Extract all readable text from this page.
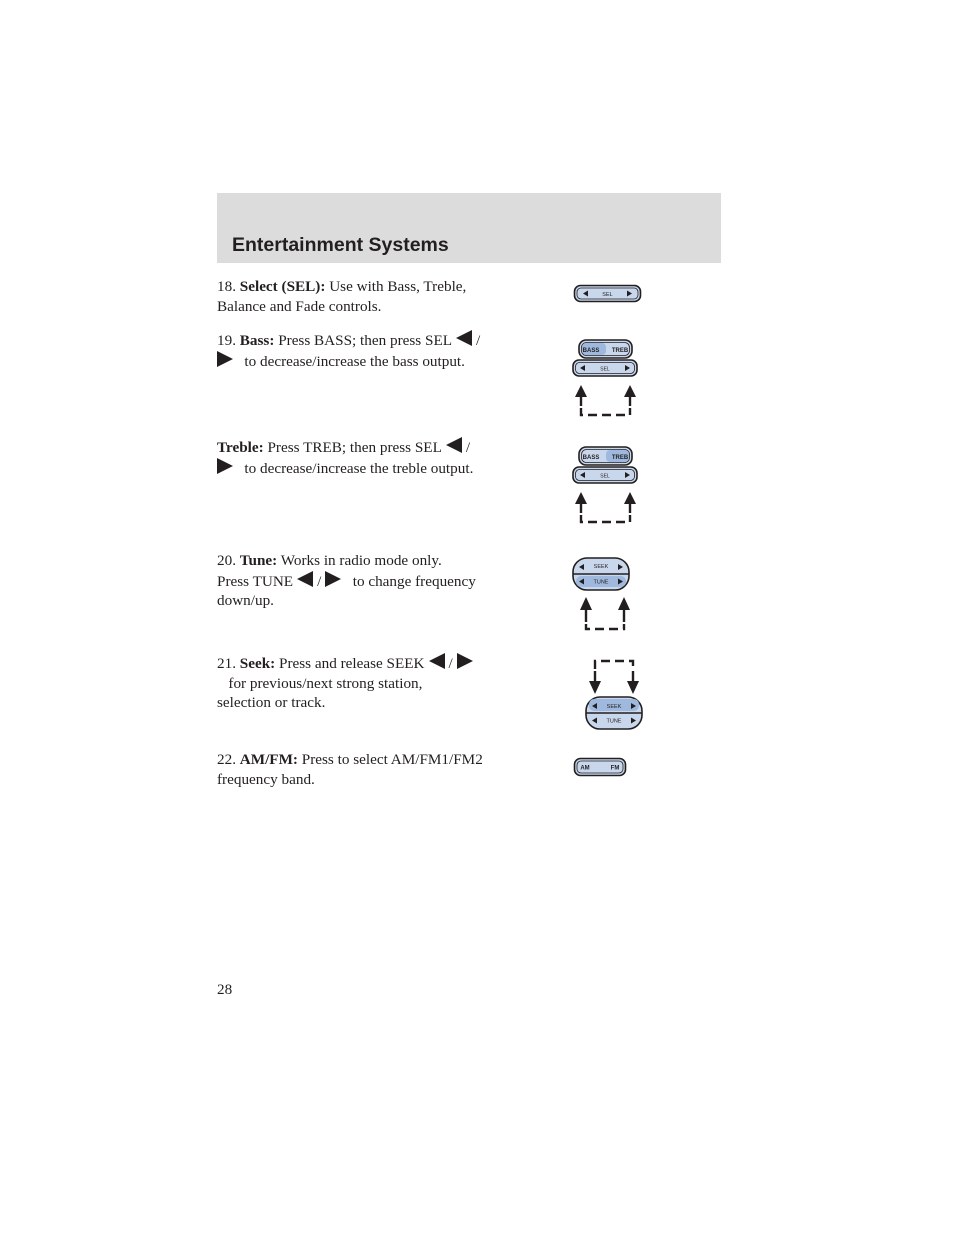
Entertainment Systems
18. Select (SEL): Use with Bass, Treble, Balance and Fade controls.
SEL
19. Bass: Press BASS; then press SEL /   to decrease/increase the bass output.
BASS TREB
SEL
Treble: Press TREB; then press SEL /   to decrease/increase the treble output.
BASS TREB
SEL
20. Tune: Works in radio mode only. Press TUNE / to change frequency down/up.
SEEK
TUNE
21. Seek: Press and release SEEK /   for previous/next strong station, selection or track.	SEEK
TUNE
22. AM/FM: Press to select AM/FM1/FM2 frequency band.
AM	FM
28
